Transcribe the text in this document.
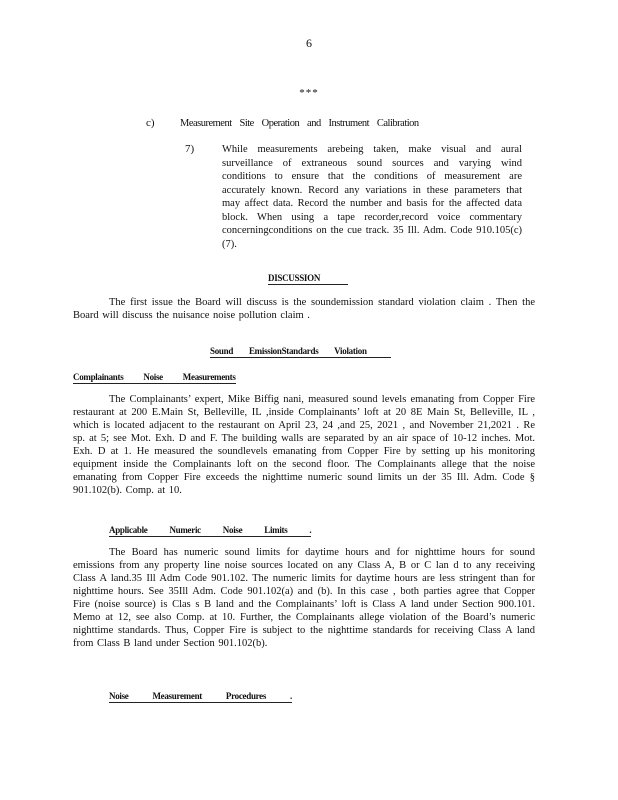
6
***
c) Measurement Site Operation and Instrument Calibration
7)	While measurements arebeing taken, make visual and aural surveillance of extraneous sound sources and varying wind conditions to ensure that the conditions of measurement are accurately known. Record any variations in these parameters that may affect data. Record the number and basis for the affected data block. When using a tape recorder,record voice commentary concerningconditions on the cue track. 35 Ill. Adm. Code 910.105(c)(7).
DISCUSSION
The first issue the Board will discuss is the soundemission standard violation claim . Then the Board will discuss the nuisance noise pollution claim .
Sound EmissionStandards Violation
Complainants Noise Measurements
The Complainants’ expert, Mike Biffig nani, measured sound levels emanating from Copper Fire restaurant at 200 E.Main St, Belleville, IL ,inside Complainants’ loft at 20 8E Main St, Belleville, IL , which is located adjacent to the restaurant on April 23, 24 ,and 25, 2021 , and November 21,2021 . Re sp. at 5; see Mot. Exh. D and F. The building walls are separated by an air space of 10-12 inches. Mot. Exh. D at 1. He measured the soundlevels emanating from Copper Fire by setting up his monitoring equipment inside the Complainants loft on the second floor. The Complainants allege that the noise emanating from Copper Fire exceeds the nighttime numeric sound limits un der 35 Ill. Adm. Code § 901.102(b). Comp. at 10.
Applicable Numeric Noise Limits .
The Board has numeric sound limits for daytime hours and for nighttime hours for sound emissions from any property line noise sources located on any Class A, B or C lan d to any receiving Class A land.35 Ill Adm Code 901.102. The numeric limits for daytime hours are less stringent than for nighttime hours. See 35Ill Adm. Code 901.102(a) and (b). In this case , both parties agree that Copper Fire (noise source) is Clas s B land and the Complainants’ loft is Class A land under Section 900.101. Memo at 12, see also Comp. at 10. Further, the Complainants allege violation of the Board’s numeric nighttime standards. Thus, Copper Fire is subject to the nighttime standards for receiving Class A land from Class B land under Section 901.102(b).
Noise Measurement Procedures .
